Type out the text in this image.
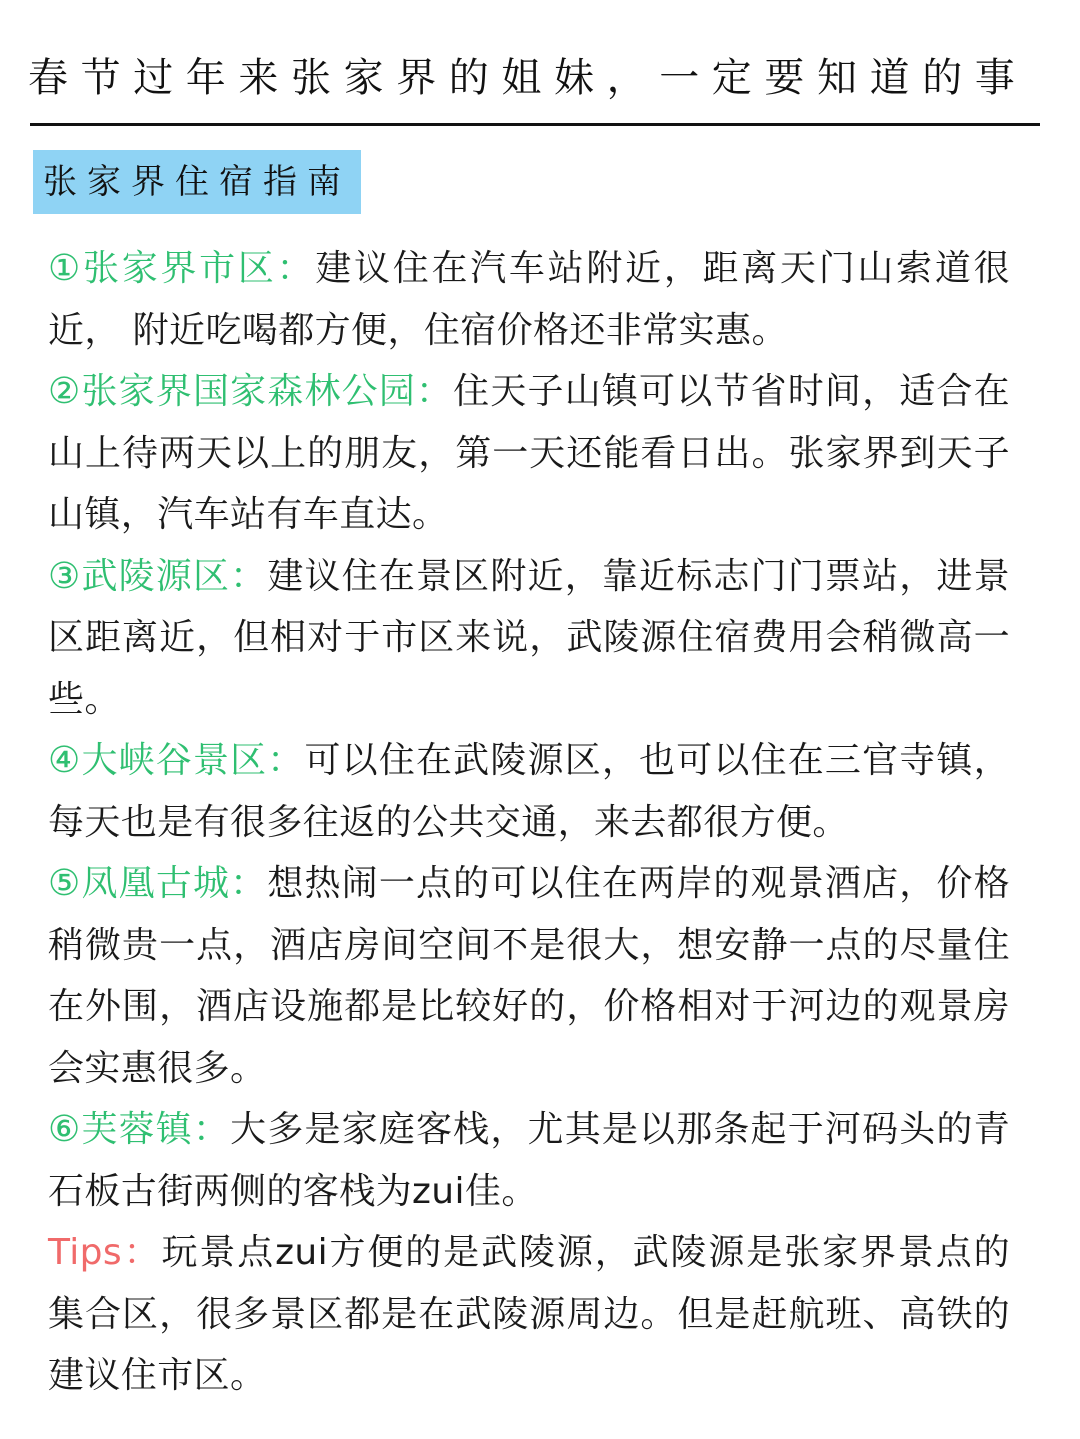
春节过年来张家界的姐妹，一定要知道的事
张家界住宿指南

①张家界市区：建议住在汽车站附近，距离天门山索道很近， 附近吃喝都方便，住宿价格还非常实惠。

②张家界国家森林公园：住天子山镇可以节省时间，适合在山上待两天以上的朋友，第一天还能看日出。张家界到天子山镇，汽车站有车直达。

③武陵源区：建议住在景区附近，靠近标志门门票站，进景区距离近，但相对于市区来说，武陵源住宿费用会稍微高一些。

④大峡谷景区：可以住在武陵源区，也可以住在三官寺镇，每天也是有很多往返的公共交通，来去都很方便。

⑤凤凰古城：想热闹一点的可以住在两岸的观景酒店，价格稍微贵一点，酒店房间空间不是很大，想安静一点的尽量住在外围，酒店设施都是比较好的，价格相对于河边的观景房会实惠很多。

⑥芙蓉镇：大多是家庭客栈，尤其是以那条起于河码头的青石板古街两侧的客栈为zui佳。

Tips：玩景点zui方便的是武陵源，武陵源是张家界景点的集合区，很多景区都是在武陵源周边。但是赶航班、高铁的建议住市区。
